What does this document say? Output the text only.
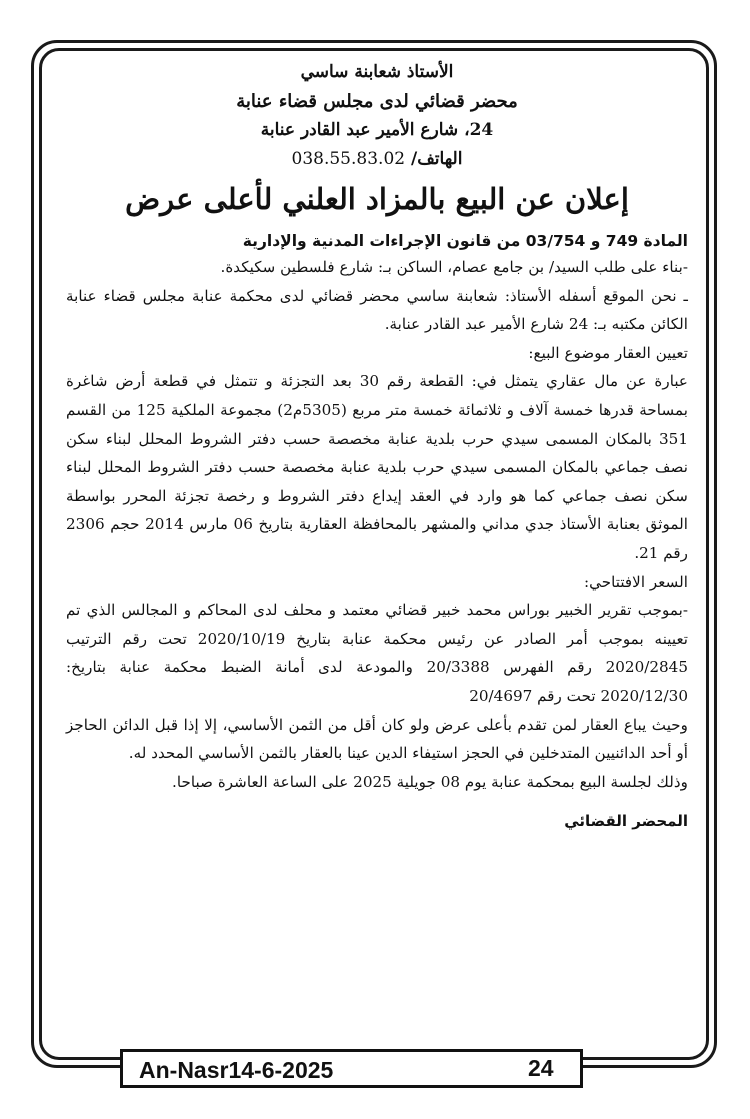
الأستاذ شعابنة ساسي
محضر قضائي لدى مجلس قضاء عنابة
24، شارع الأمير عبد القادر عنابة
الهاتف/ 038.55.83.02
إعلان عن البيع بالمزاد العلني لأعلى عرض
المادة 749 و 03/754 من قانون الإجراءات المدنية والإدارية

-بناء على طلب السيد/ بن جامع عصام، الساكن بـ: شارع فلسطين سكيكدة.

ـ نحن الموقع أسفله الأستاذ: شعابنة ساسي محضر قضائي لدى محكمة عنابة مجلس قضاء عنابة الكائن مكتبه بـ: 24 شارع الأمير عبد القادر عنابة.

تعيين العقار موضوع البيع:

عبارة عن مال عقاري يتمثل في: القطعة رقم 30 بعد التجزئة و تتمثل في قطعة أرض شاغرة بمساحة قدرها خمسة آلاف و ثلاثمائة خمسة متر مربع (5305م2) مجموعة الملكية 125 من القسم 351 بالمكان المسمى سيدي حرب بلدية عنابة مخصصة حسب دفتر الشروط المحلل لبناء سكن نصف جماعي بالمكان المسمى سيدي حرب بلدية عنابة مخصصة حسب دفتر الشروط المحلل لبناء سكن نصف جماعي كما هو وارد في العقد إيداع دفتر الشروط و رخصة تجزئة المحرر بواسطة الموثق بعنابة الأستاذ جدي مداني والمشهر بالمحافظة العقارية بتاريخ 06 مارس 2014 حجم 2306 رقم 21.

السعر الافتتاحي:

-بموجب تقرير الخبير بوراس محمد خبير قضائي معتمد و محلف لدى المحاكم و المجالس الذي تم تعيينه بموجب أمر الصادر عن رئيس محكمة عنابة بتاريخ 2020/10/19 تحت رقم الترتيب 2020/2845 رقم الفهرس 20/3388 والمودعة لدى أمانة الضبط محكمة عنابة بتاريخ: 2020/12/30 تحت رقم 20/4697

وحيث يباع العقار لمن تقدم بأعلى عرض ولو كان أقل من الثمن الأساسي، إلا إذا قبل الدائن الحاجز أو أحد الدائنيين المتدخلين في الحجز استيفاء الدين عينا بالعقار بالثمن الأساسي المحدد له.

وذلك لجلسة البيع بمحكمة عنابة يوم 08 جويلية 2025 على الساعة العاشرة صباحا.

المحضر القضائي
An-Nasr14-6-2025	24
